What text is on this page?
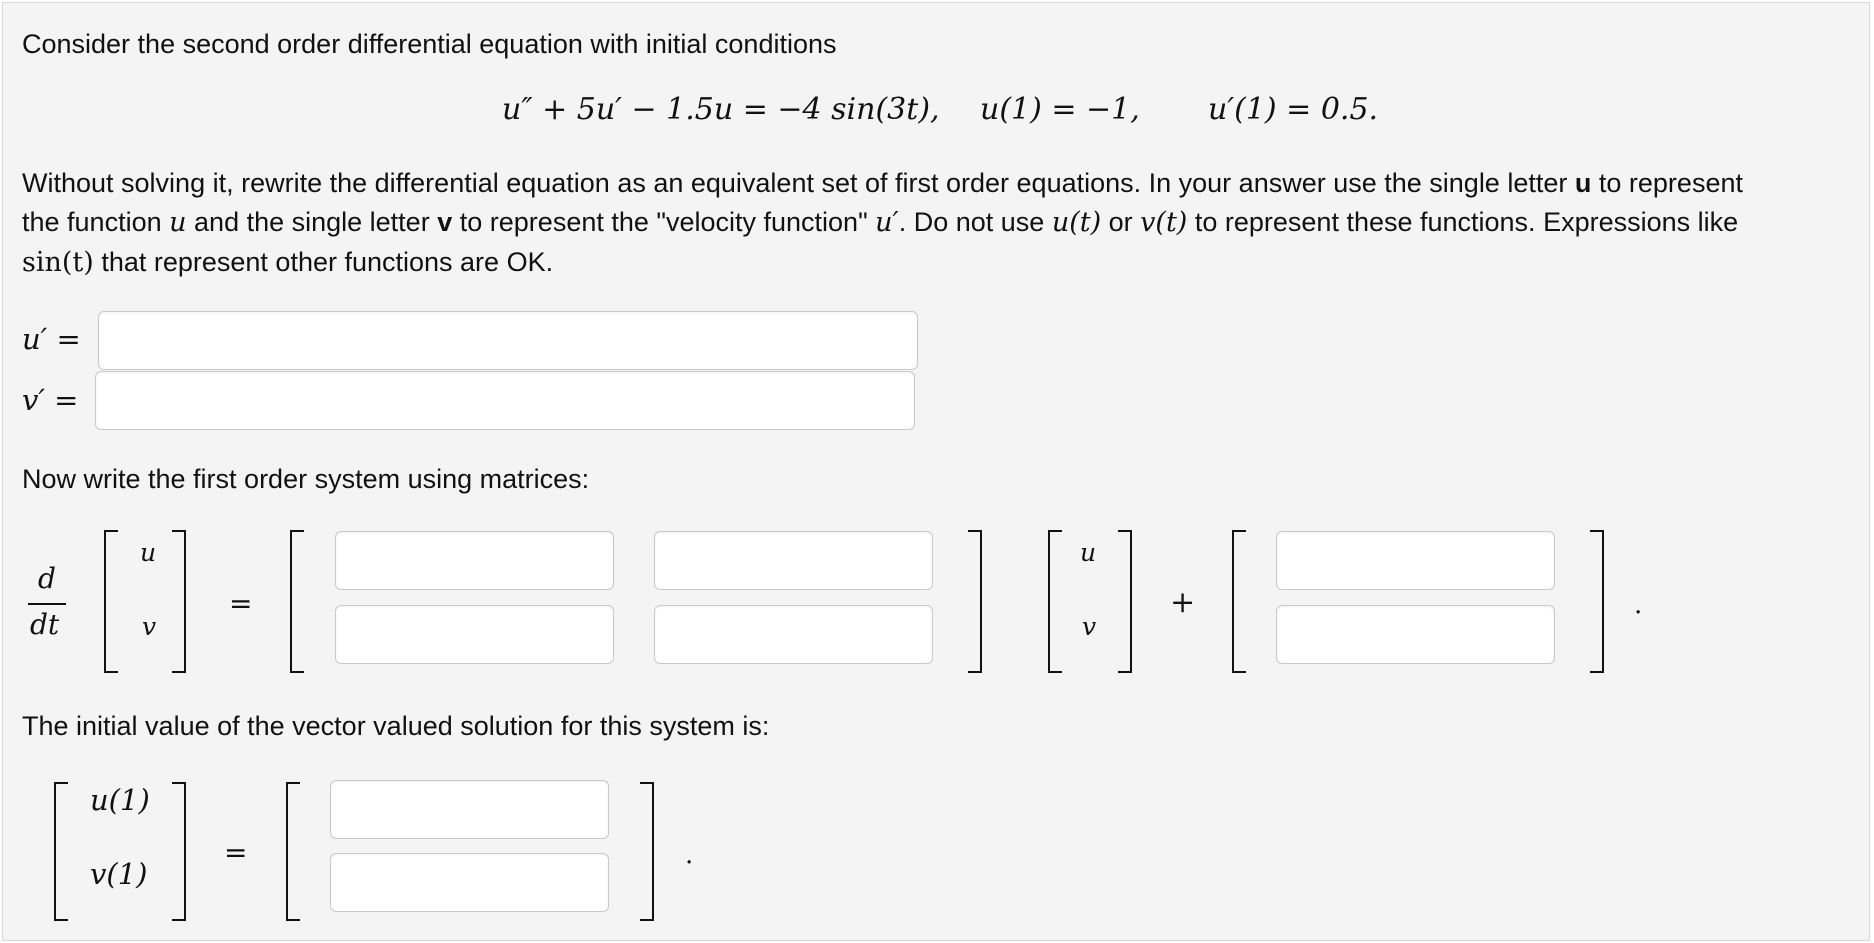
Consider the second order differential equation with initial conditions
u″ + 5u′ − 1.5u = −4 sin(3t), u(1) = −1, u′(1) = 0.5.
Without solving it, rewrite the differential equation as an equivalent set of first order equations. In your answer use the single letter u to represent
the function u and the single letter v to represent the "velocity function" u′. Do not use u(t) or v(t) to represent these functions. Expressions like
sin(t) that represent other functions are OK.
u′ =
v′ =
Now write the first order system using matrices:
d
dt
u
v
=
u
v
+	.
The initial value of the vector valued solution for this system is:
u(1)
v(1)
=	.
